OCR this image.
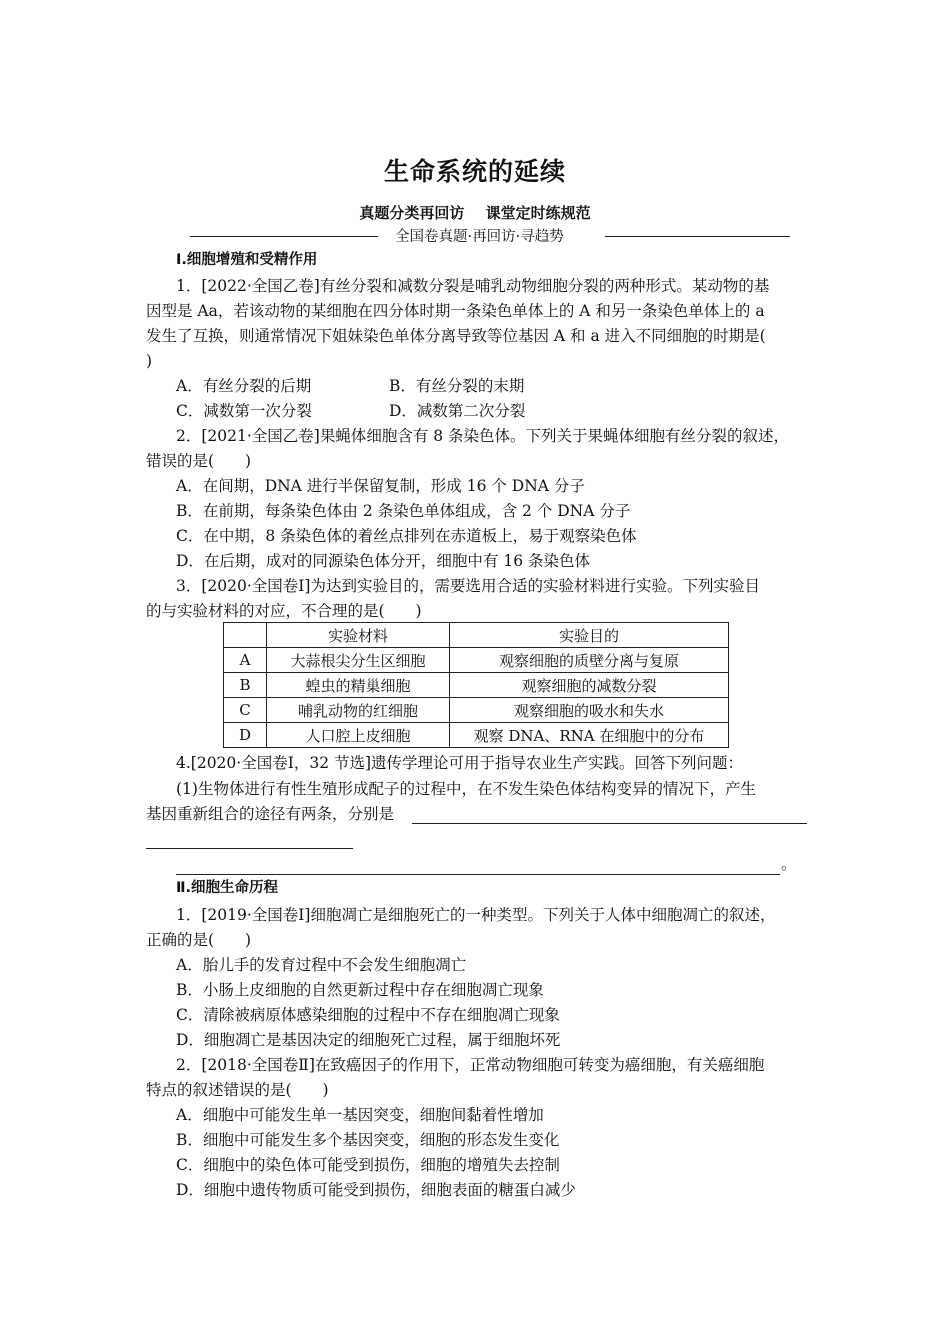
生命系统的延续
真题分类再回访 课堂定时练规范
全国卷真题·再回访·寻趋势
Ⅰ.细胞增殖和受精作用
1．[2022·全国乙卷]有丝分裂和减数分裂是哺乳动物细胞分裂的两种形式。某动物的基
因型是 Aa，若该动物的某细胞在四分体时期一条染色单体上的 A 和另一条染色单体上的 a
发生了互换，则通常情况下姐妹染色单体分离导致等位基因 A 和 a 进入不同细胞的时期是(
)
A．有丝分裂的后期	B．有丝分裂的末期
C．减数第一次分裂	D．减数第二次分裂
2．[2021·全国乙卷]果蝇体细胞含有 8 条染色体。下列关于果蝇体细胞有丝分裂的叙述，
错误的是(　　)
A．在间期，DNA 进行半保留复制，形成 16 个 DNA 分子
B．在前期，每条染色体由 2 条染色单体组成，含 2 个 DNA 分子
C．在中期，8 条染色体的着丝点排列在赤道板上，易于观察染色体
D．在后期，成对的同源染色体分开，细胞中有 16 条染色体
3．[2020·全国卷Ⅰ]为达到实验目的，需要选用合适的实验材料进行实验。下列实验目
的与实验材料的对应，不合理的是(　　)
	实验材料	实验目的
A	大蒜根尖分生区细胞	观察细胞的质壁分离与复原
B	蝗虫的精巢细胞	观察细胞的减数分裂
C	哺乳动物的红细胞	观察细胞的吸水和失水
D	人口腔上皮细胞	观察 DNA、RNA 在细胞中的分布
4.[2020·全国卷Ⅰ，32 节选]遗传学理论可用于指导农业生产实践。回答下列问题：
(1)生物体进行有性生殖形成配子的过程中，在不发生染色体结构变异的情况下，产生
基因重新组合的途径有两条，分别是
。
Ⅱ.细胞生命历程
1．[2019·全国卷Ⅰ]细胞凋亡是细胞死亡的一种类型。下列关于人体中细胞凋亡的叙述，
正确的是(　　)
A．胎儿手的发育过程中不会发生细胞凋亡
B．小肠上皮细胞的自然更新过程中存在细胞凋亡现象
C．清除被病原体感染细胞的过程中不存在细胞凋亡现象
D．细胞凋亡是基因决定的细胞死亡过程，属于细胞坏死
2．[2018·全国卷Ⅱ]在致癌因子的作用下，正常动物细胞可转变为癌细胞，有关癌细胞
特点的叙述错误的是(　　)
A．细胞中可能发生单一基因突变，细胞间黏着性增加
B．细胞中可能发生多个基因突变，细胞的形态发生变化
C．细胞中的染色体可能受到损伤，细胞的增殖失去控制
D．细胞中遗传物质可能受到损伤，细胞表面的糖蛋白减少
